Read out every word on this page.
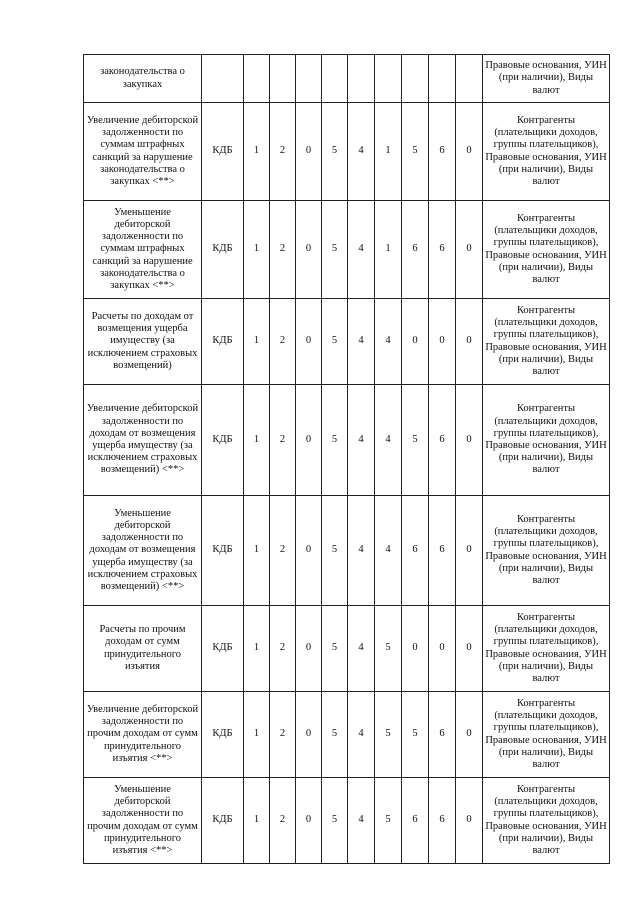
законодательства о закупках											Правовые основания, УИН (при наличии), Виды валют
Увеличение дебиторской задолженности по суммам штрафных санкций за нарушение законодательства о закупках <**>	КДБ	1	2	0	5	4	1	5	6	0	Контрагенты (плательщики доходов, группы плательщиков), Правовые основания, УИН (при наличии), Виды валют
Уменьшение дебиторской задолженности по суммам штрафных санкций за нарушение законодательства о закупках <**>	КДБ	1	2	0	5	4	1	6	6	0	Контрагенты (плательщики доходов, группы плательщиков), Правовые основания, УИН (при наличии), Виды валют
Расчеты по доходам от возмещения ущерба имуществу (за исключением страховых возмещений)	КДБ	1	2	0	5	4	4	0	0	0	Контрагенты (плательщики доходов, группы плательщиков), Правовые основания, УИН (при наличии), Виды валют
Увеличение дебиторской задолженности по доходам от возмещения ущерба имуществу (за исключением страховых возмещений) <**>	КДБ	1	2	0	5	4	4	5	6	0	Контрагенты (плательщики доходов, группы плательщиков), Правовые основания, УИН (при наличии), Виды валют
Уменьшение дебиторской задолженности по доходам от возмещения ущерба имуществу (за исключением страховых возмещений) <**>	КДБ	1	2	0	5	4	4	6	6	0	Контрагенты (плательщики доходов, группы плательщиков), Правовые основания, УИН (при наличии), Виды валют
Расчеты по прочим доходам от сумм принудительного изъятия	КДБ	1	2	0	5	4	5	0	0	0	Контрагенты (плательщики доходов, группы плательщиков), Правовые основания, УИН (при наличии), Виды валют
Увеличение дебиторской задолженности по прочим доходам от сумм принудительного изъятия <**>	КДБ	1	2	0	5	4	5	5	6	0	Контрагенты (плательщики доходов, группы плательщиков), Правовые основания, УИН (при наличии), Виды валют
Уменьшение дебиторской задолженности по прочим доходам от сумм принудительного изъятия <**>	КДБ	1	2	0	5	4	5	6	6	0	Контрагенты (плательщики доходов, группы плательщиков), Правовые основания, УИН (при наличии), Виды валют
